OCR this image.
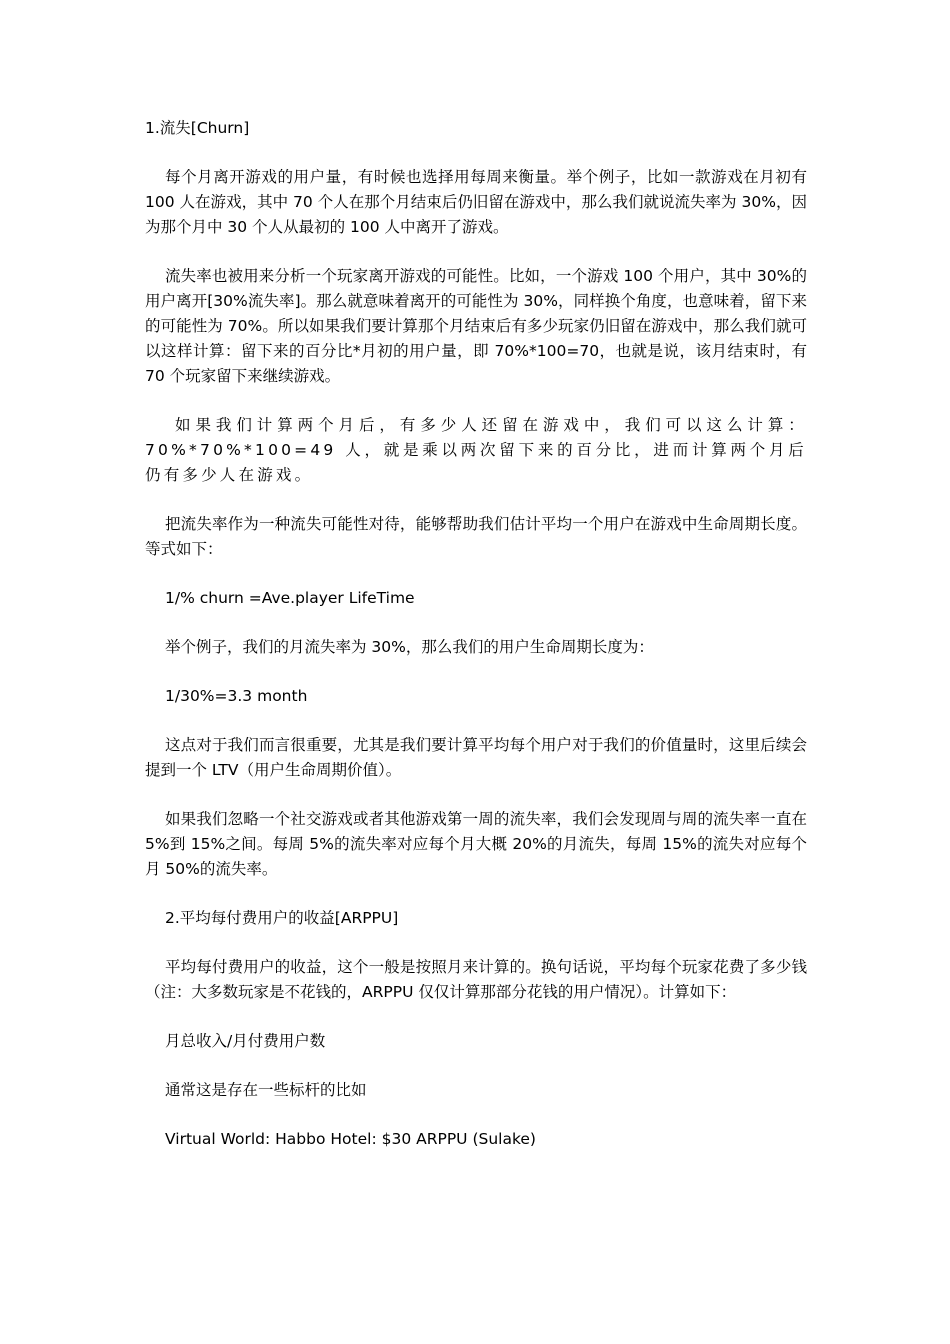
1.流失[Churn]

每个月离开游戏的用户量，有时候也选择用每周来衡量。举个例子，比如一款游戏在月初有 100 人在游戏，其中 70 个人在那个月结束后仍旧留在游戏中，那么我们就说流失率为 30%，因为那个月中 30 个人从最初的 100 人中离开了游戏。

流失率也被用来分析一个玩家离开游戏的可能性。比如，一个游戏 100 个用户，其中 30%的用户离开[30%流失率]。那么就意味着离开的可能性为 30%，同样换个角度，也意味着，留下来的可能性为 70%。所以如果我们要计算那个月结束后有多少玩家仍旧留在游戏中，那么我们就可以这样计算：留下来的百分比*月初的用户量，即 70%*100=70，也就是说，该月结束时，有 70 个玩家留下来继续游戏。

如果我们计算两个月后，有多少人还留在游戏中，我们可以这么计算：70%*70%*100=49 人，就是乘以两次留下来的百分比，进而计算两个月后仍有多少人在游戏。

把流失率作为一种流失可能性对待，能够帮助我们估计平均一个用户在游戏中生命周期长度。等式如下：

1/% churn =Ave.player LifeTime

举个例子，我们的月流失率为 30%，那么我们的用户生命周期长度为：

1/30%=3.3 month

这点对于我们而言很重要，尤其是我们要计算平均每个用户对于我们的价值量时，这里后续会提到一个 LTV（用户生命周期价值）。

如果我们忽略一个社交游戏或者其他游戏第一周的流失率，我们会发现周与周的流失率一直在 5%到 15%之间。每周 5%的流失率对应每个月大概 20%的月流失，每周 15%的流失对应每个月 50%的流失率。

2.平均每付费用户的收益[ARPPU]

平均每付费用户的收益，这个一般是按照月来计算的。换句话说，平均每个玩家花费了多少钱（注：大多数玩家是不花钱的，ARPPU 仅仅计算那部分花钱的用户情况）。计算如下：

月总收入/月付费用户数

通常这是存在一些标杆的比如

Virtual World: Habbo Hotel: $30 ARPPU (Sulake)
